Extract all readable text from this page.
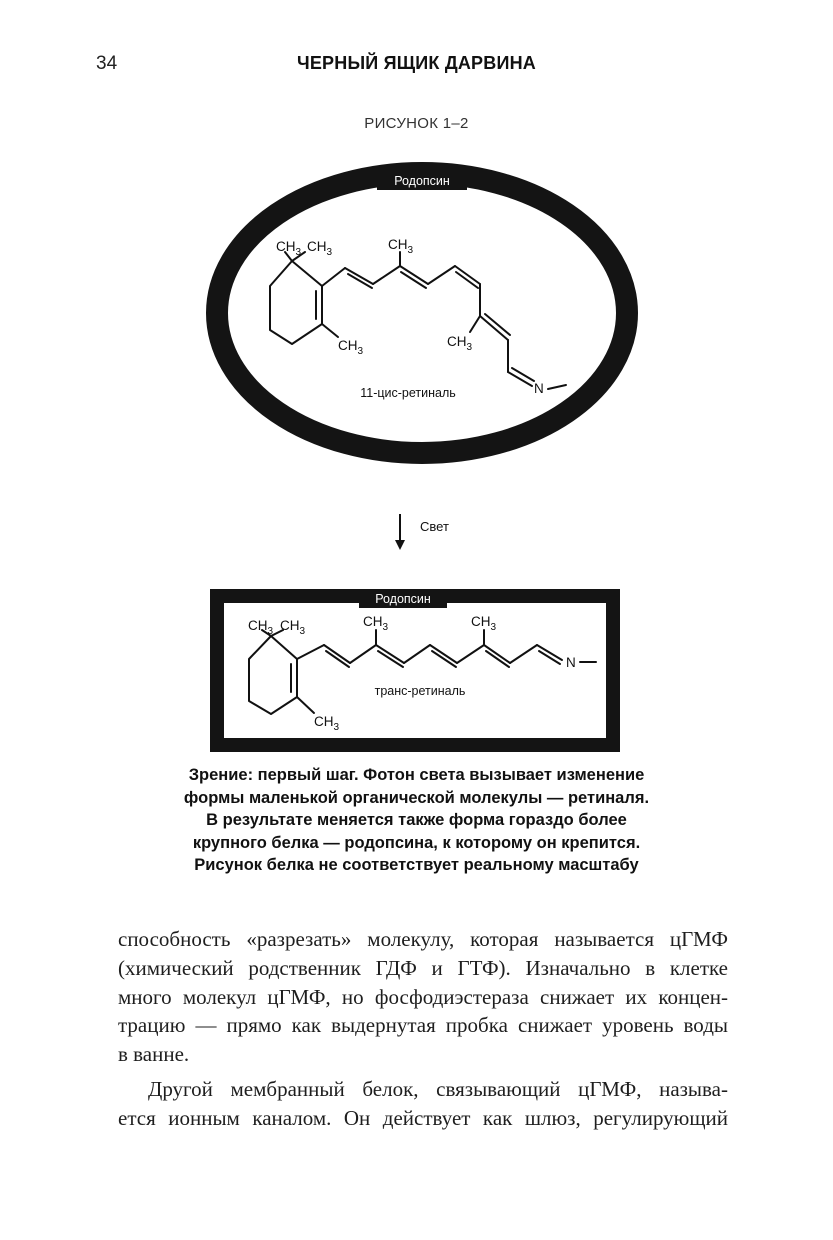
34	ЧЕРНЫЙ ЯЩИК ДАРВИНА
РИСУНОК 1–2
Родопсин
$CH_3$ $CH_3$
$CH_3$
$CH_3$
$CH_3$
N
11-цис-ретиналь
Свет
Родопсин
$CH_3$ $CH_3$
$CH_3$	$CH_3$
$CH_3$
N
транс-ретиналь
Зрение: первый шаг. Фотон света вызывает изменение
формы маленькой органической молекулы — ретиналя.
В результате меняется также форма гораздо более
крупного белка — родопсина, к которому он крепится.
Рисунок белка не соответствует реальному масштабу
способность «разрезать» молекулу, которая называется цГМФ
(химический родственник ГДФ и ГТФ). Изначально в клетке
много молекул цГМФ, но фосфодиэстераза снижает их концен-
трацию — прямо как выдернутая пробка снижает уровень воды
в ванне.
Другой мембранный белок, связывающий цГМФ, называ-
ется ионным каналом. Он действует как шлюз, регулирующий
